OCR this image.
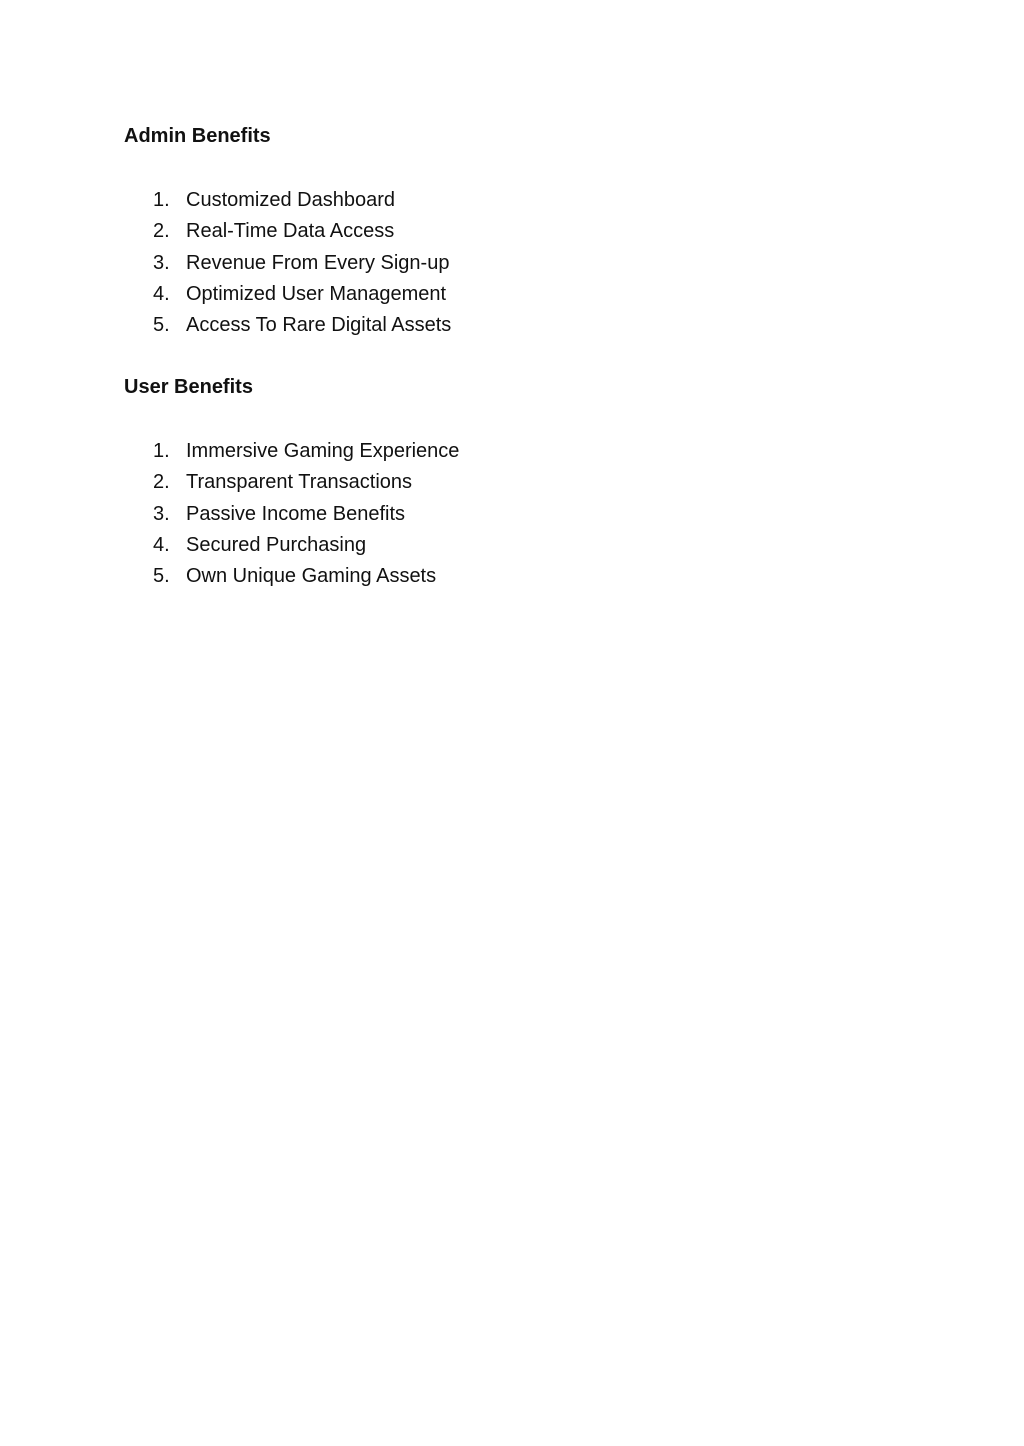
Admin Benefits
1. Customized Dashboard
2. Real-Time Data Access
3. Revenue From Every Sign-up
4. Optimized User Management
5. Access To Rare Digital Assets
User Benefits
1. Immersive Gaming Experience
2. Transparent Transactions
3. Passive Income Benefits
4. Secured Purchasing
5. Own Unique Gaming Assets
